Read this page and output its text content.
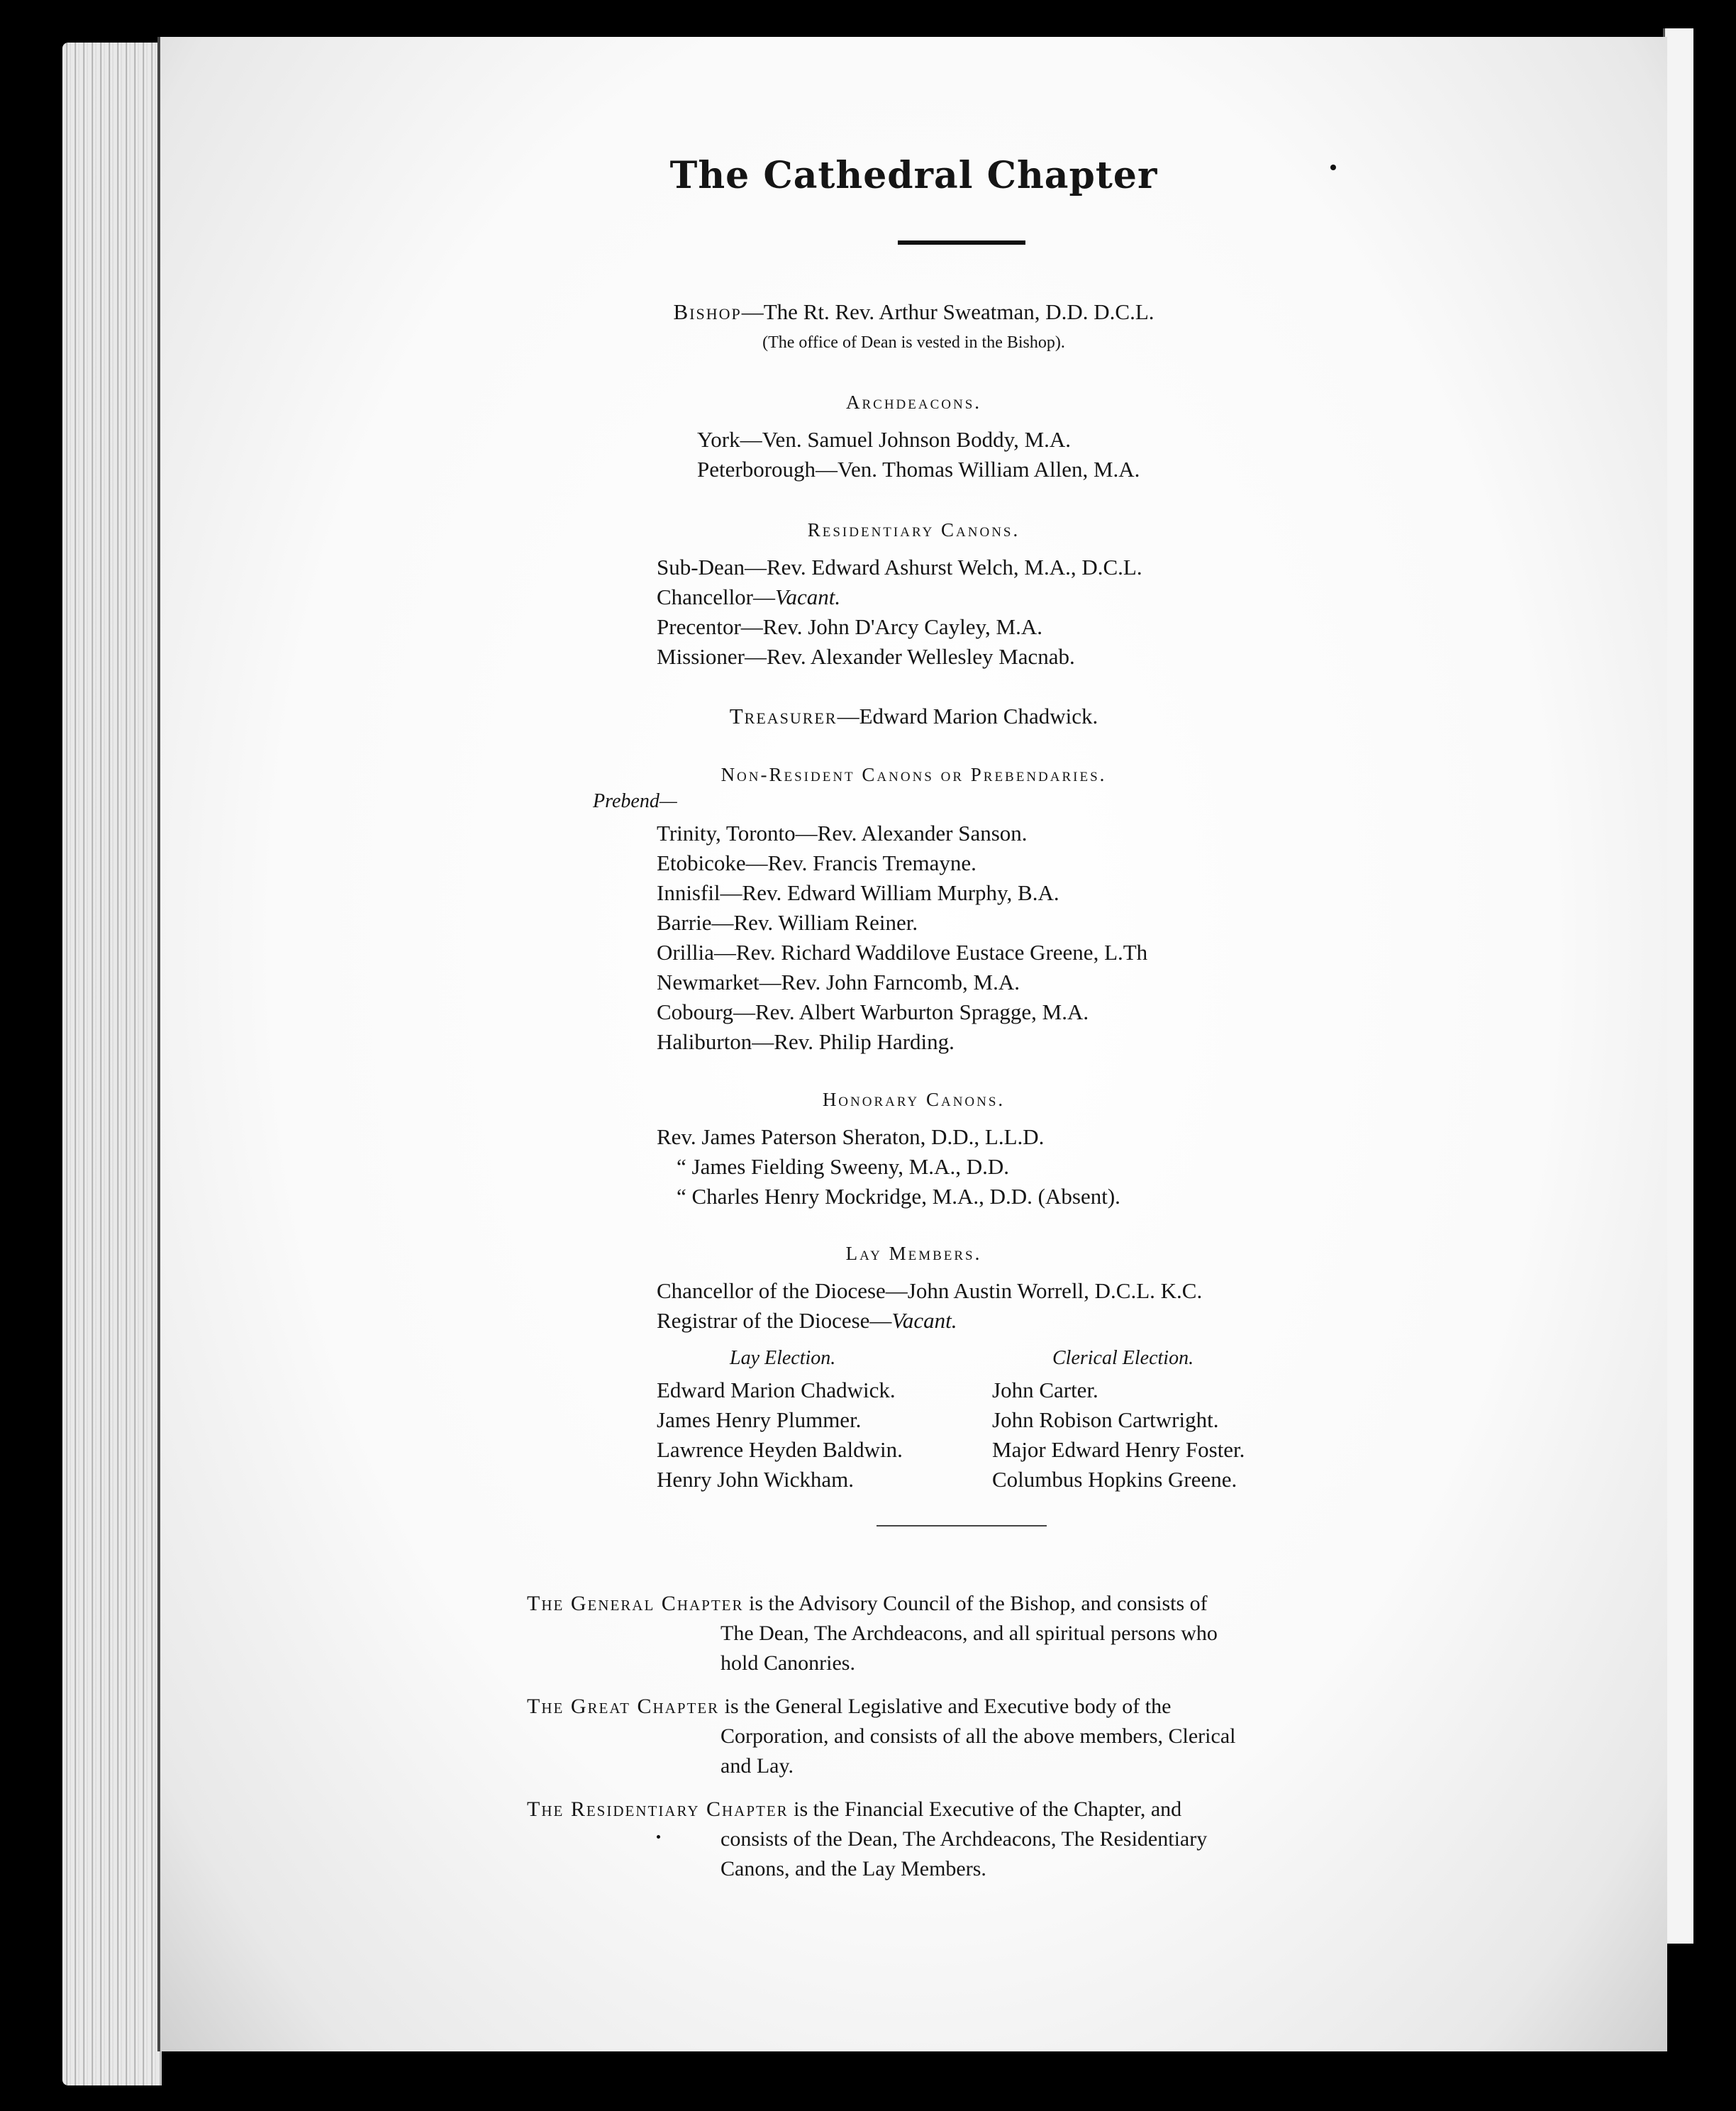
The Cathedral Chapter
Bishop—The Rt. Rev. Arthur Sweatman, D.D. D.C.L.
(The office of Dean is vested in the Bishop).
Archdeacons.
York—Ven. Samuel Johnson Boddy, M.A.
Peterborough—Ven. Thomas William Allen, M.A.
Residentiary Canons.
Sub-Dean—Rev. Edward Ashurst Welch, M.A., D.C.L.
Chancellor—Vacant.
Precentor—Rev. John D'Arcy Cayley, M.A.
Missioner—Rev. Alexander Wellesley Macnab.
Treasurer—Edward Marion Chadwick.
Non-Resident Canons or Prebendaries.
Prebend—
Trinity, Toronto—Rev. Alexander Sanson.
Etobicoke—Rev. Francis Tremayne.
Innisfil—Rev. Edward William Murphy, B.A.
Barrie—Rev. William Reiner.
Orillia—Rev. Richard Waddilove Eustace Greene, L.Th
Newmarket—Rev. John Farncomb, M.A.
Cobourg—Rev. Albert Warburton Spragge, M.A.
Haliburton—Rev. Philip Harding.
Honorary Canons.
Rev. James Paterson Sheraton, D.D., L.L.D.
“ James Fielding Sweeny, M.A., D.D.
“ Charles Henry Mockridge, M.A., D.D. (Absent).
Lay Members.
Chancellor of the Diocese—John Austin Worrell, D.C.L. K.C.
Registrar of the Diocese—Vacant.
Lay Election.	Clerical Election.
Edward Marion Chadwick.
James Henry Plummer.
Lawrence Heyden Baldwin.
Henry John Wickham.
John Carter.
John Robison Cartwright.
Major Edward Henry Foster.
Columbus Hopkins Greene.
The General Chapter is the Advisory Council of the Bishop, and consists of
The Dean, The Archdeacons, and all spiritual persons who
hold Canonries.
The Great Chapter is the General Legislative and Executive body of the
Corporation, and consists of all the above members, Clerical
and Lay.
The Residentiary Chapter is the Financial Executive of the Chapter, and
consists of the Dean, The Archdeacons, The Residentiary
Canons, and the Lay Members.
